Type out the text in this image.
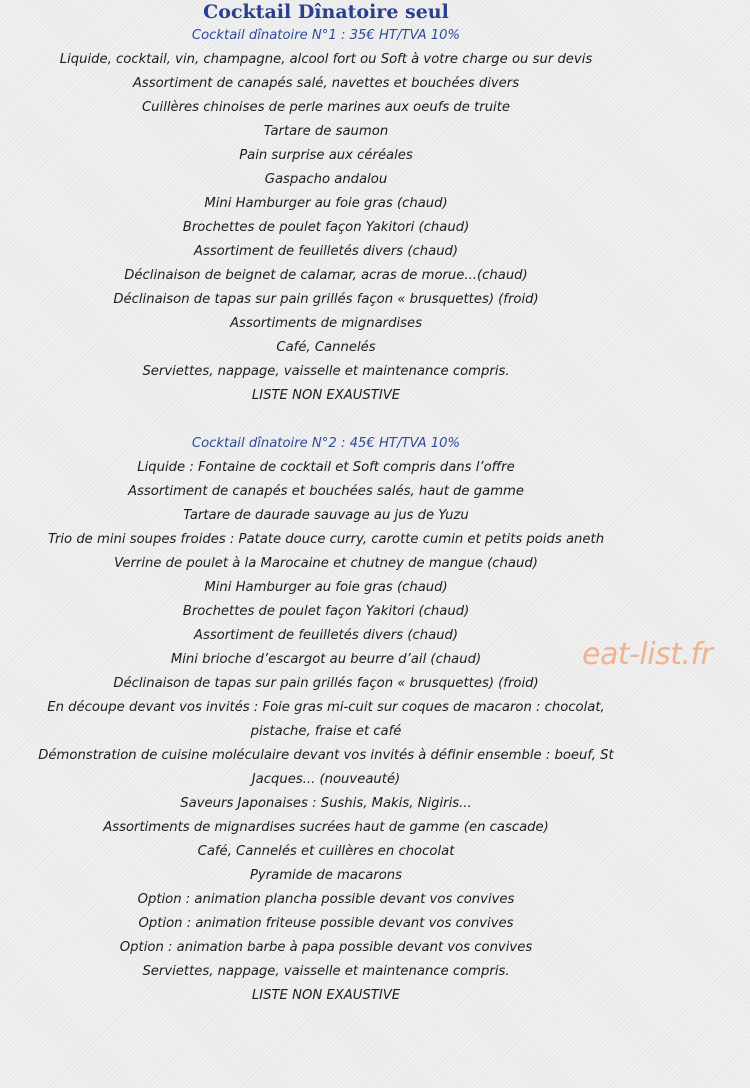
Cocktail Dînatoire seul
Cocktail dînatoire N°1 : 35€ HT/TVA 10%
Liquide, cocktail, vin, champagne, alcool fort ou Soft à votre charge ou sur devis
Assortiment de canapés salé, navettes et bouchées divers
Cuillères chinoises de perle marines aux oeufs de truite
Tartare de saumon
Pain surprise aux céréales
Gaspacho andalou
Mini Hamburger au foie gras (chaud)
Brochettes de poulet façon Yakitori (chaud)
Assortiment de feuilletés divers (chaud)
Déclinaison de beignet de calamar, acras de morue...(chaud)
Déclinaison de tapas sur pain grillés façon « brusquettes) (froid)
Assortiments de mignardises
Café, Cannelés
Serviettes, nappage, vaisselle et maintenance compris.
LISTE NON EXAUSTIVE
Cocktail dînatoire N°2 : 45€ HT/TVA 10%
Liquide : Fontaine de cocktail et Soft compris dans l’offre
Assortiment de canapés et bouchées salés, haut de gamme
Tartare de daurade sauvage au jus de Yuzu
Trio de mini soupes froides : Patate douce curry, carotte cumin et petits poids aneth
Verrine de poulet à la Marocaine et chutney de mangue (chaud)
Mini Hamburger au foie gras (chaud)
Brochettes de poulet façon Yakitori (chaud)
Assortiment de feuilletés divers (chaud)
Mini brioche d’escargot au beurre d’ail (chaud)
Déclinaison de tapas sur pain grillés façon « brusquettes) (froid)
En découpe devant vos invités : Foie gras mi-cuit sur coques de macaron : chocolat,
pistache, fraise et café
Démonstration de cuisine moléculaire devant vos invités à définir ensemble : boeuf, St
Jacques... (nouveauté)
Saveurs Japonaises : Sushis, Makis, Nigiris...
Assortiments de mignardises sucrées haut de gamme (en cascade)
Café, Cannelés et cuillères en chocolat
Pyramide de macarons
Option : animation plancha possible devant vos convives
Option : animation friteuse possible devant vos convives
Option : animation barbe à papa possible devant vos convives
Serviettes, nappage, vaisselle et maintenance compris.
LISTE NON EXAUSTIVE
eat-list.fr
